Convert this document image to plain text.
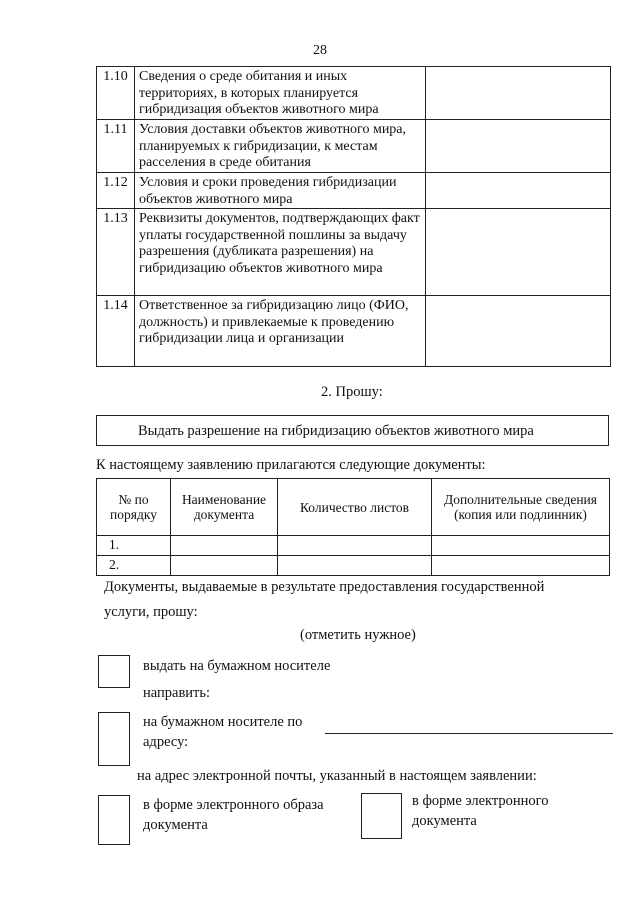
28
1.10	Сведения о среде обитания и иных территориях, в которых планируется гибридизация объектов животного мира	
1.11	Условия доставки объектов животного мира, планируемых к гибридизации, к местам расселения в среде обитания	
1.12	Условия и сроки проведения гибридизации объектов животного мира	
1.13	Реквизиты документов, подтверждающих факт уплаты государственной пошлины за выдачу разрешения (дубликата разрешения) на гибридизацию объектов животного мира	
1.14	Ответственное за гибридизацию лицо (ФИО, должность) и привлекаемые к проведению гибридизации лица и организации	
2. Прошу:
Выдать разрешение на гибридизацию объектов животного мира
К настоящему заявлению прилагаются следующие документы:
№ по порядку	Наименование документа	Количество листов	Дополнительные сведения (копия или подлинник)
1.			
2.			
Документы, выдаваемые в результате предоставления государственной
услуги, прошу:
(отметить нужное)
выдать на бумажном носителе
направить:
на бумажном носителе по адресу:
на адрес электронной почты, указанный в настоящем заявлении:
в форме электронного образа документа
в форме электронного документа
